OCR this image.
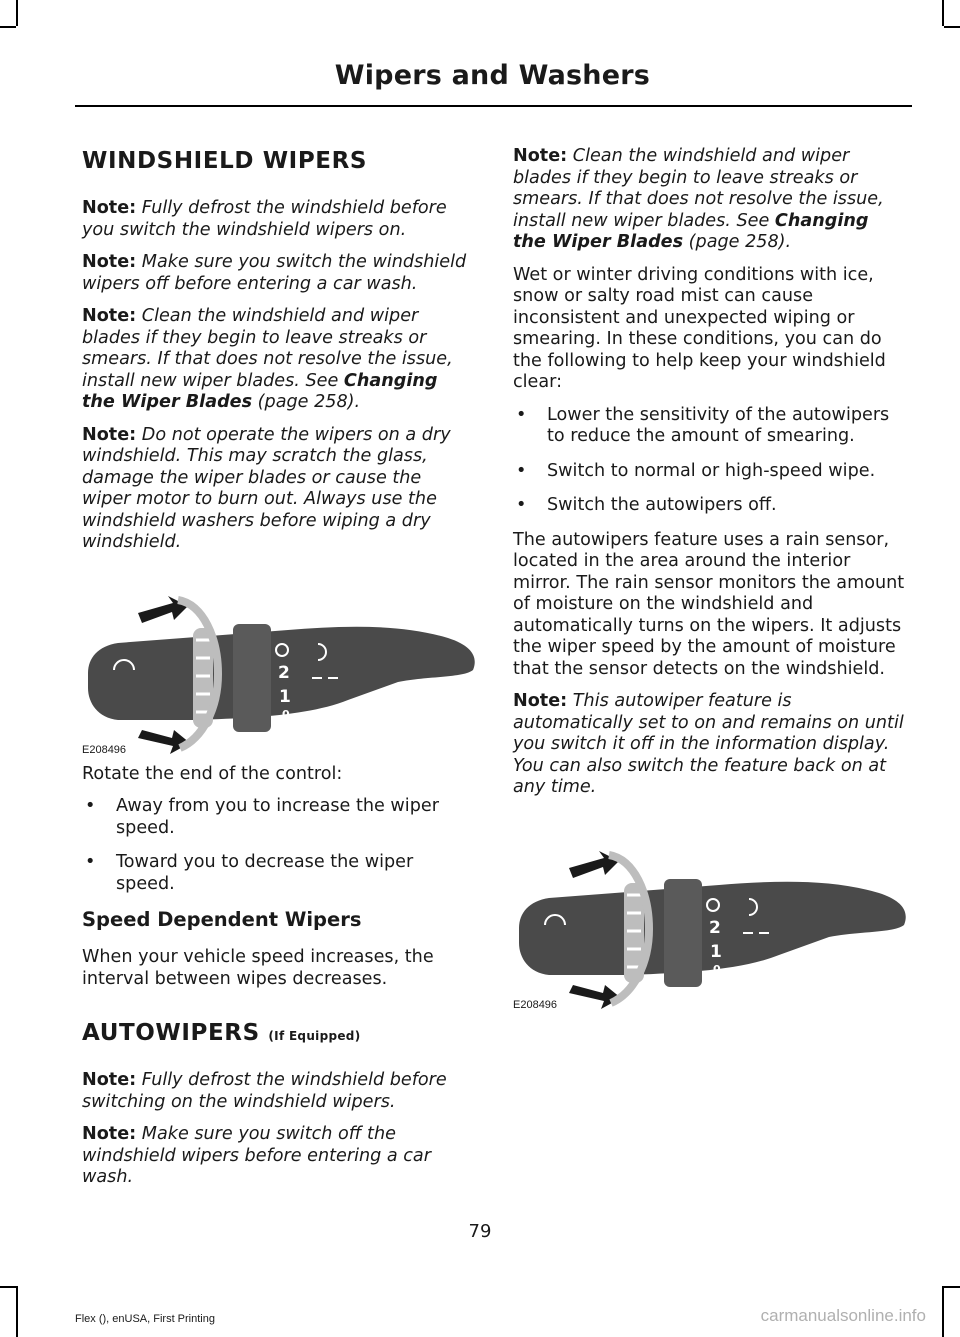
Wipers and Washers
WINDSHIELD WIPERS

Note: Fully defrost the windshield before you switch the windshield wipers on.

Note: Make sure you switch the windshield wipers off before entering a car wash.

Note: Clean the windshield and wiper blades if they begin to leave streaks or smears. If that does not resolve the issue, install new wiper blades. See Changing the Wiper Blades (page 258).

Note: Do not operate the wipers on a dry windshield. This may scratch the glass, damage the wiper blades or cause the wiper motor to burn out. Always use the windshield washers before wiping a dry windshield.

2
1
0
E208496

Rotate the end of the control:

• Away from you to increase the wiper speed.
• Toward you to decrease the wiper speed.
Speed Dependent Wipers

When your vehicle speed increases, the interval between wipes decreases.

AUTOWIPERS (If Equipped)

Note: Fully defrost the windshield before switching on the windshield wipers.

Note: Make sure you switch off the windshield wipers before entering a car wash.

Note: Clean the windshield and wiper blades if they begin to leave streaks or smears. If that does not resolve the issue, install new wiper blades. See Changing the Wiper Blades (page 258).

Wet or winter driving conditions with ice, snow or salty road mist can cause inconsistent and unexpected wiping or smearing. In these conditions, you can do the following to help keep your windshield clear:

• Lower the sensitivity of the autowipers to reduce the amount of smearing.
• Switch to normal or high-speed wipe.
• Switch the autowipers off.

The autowipers feature uses a rain sensor, located in the area around the interior mirror. The rain sensor monitors the amount of moisture on the windshield and automatically turns on the wipers. It adjusts the wiper speed by the amount of moisture that the sensor detects on the windshield.

Note: This autowiper feature is automatically set to on and remains on until you switch it off in the information display. You can also switch the feature back on at any time.

2
1
0
E208496
79
Flex (), enUSA, First Printing	carmanualsonline.info
